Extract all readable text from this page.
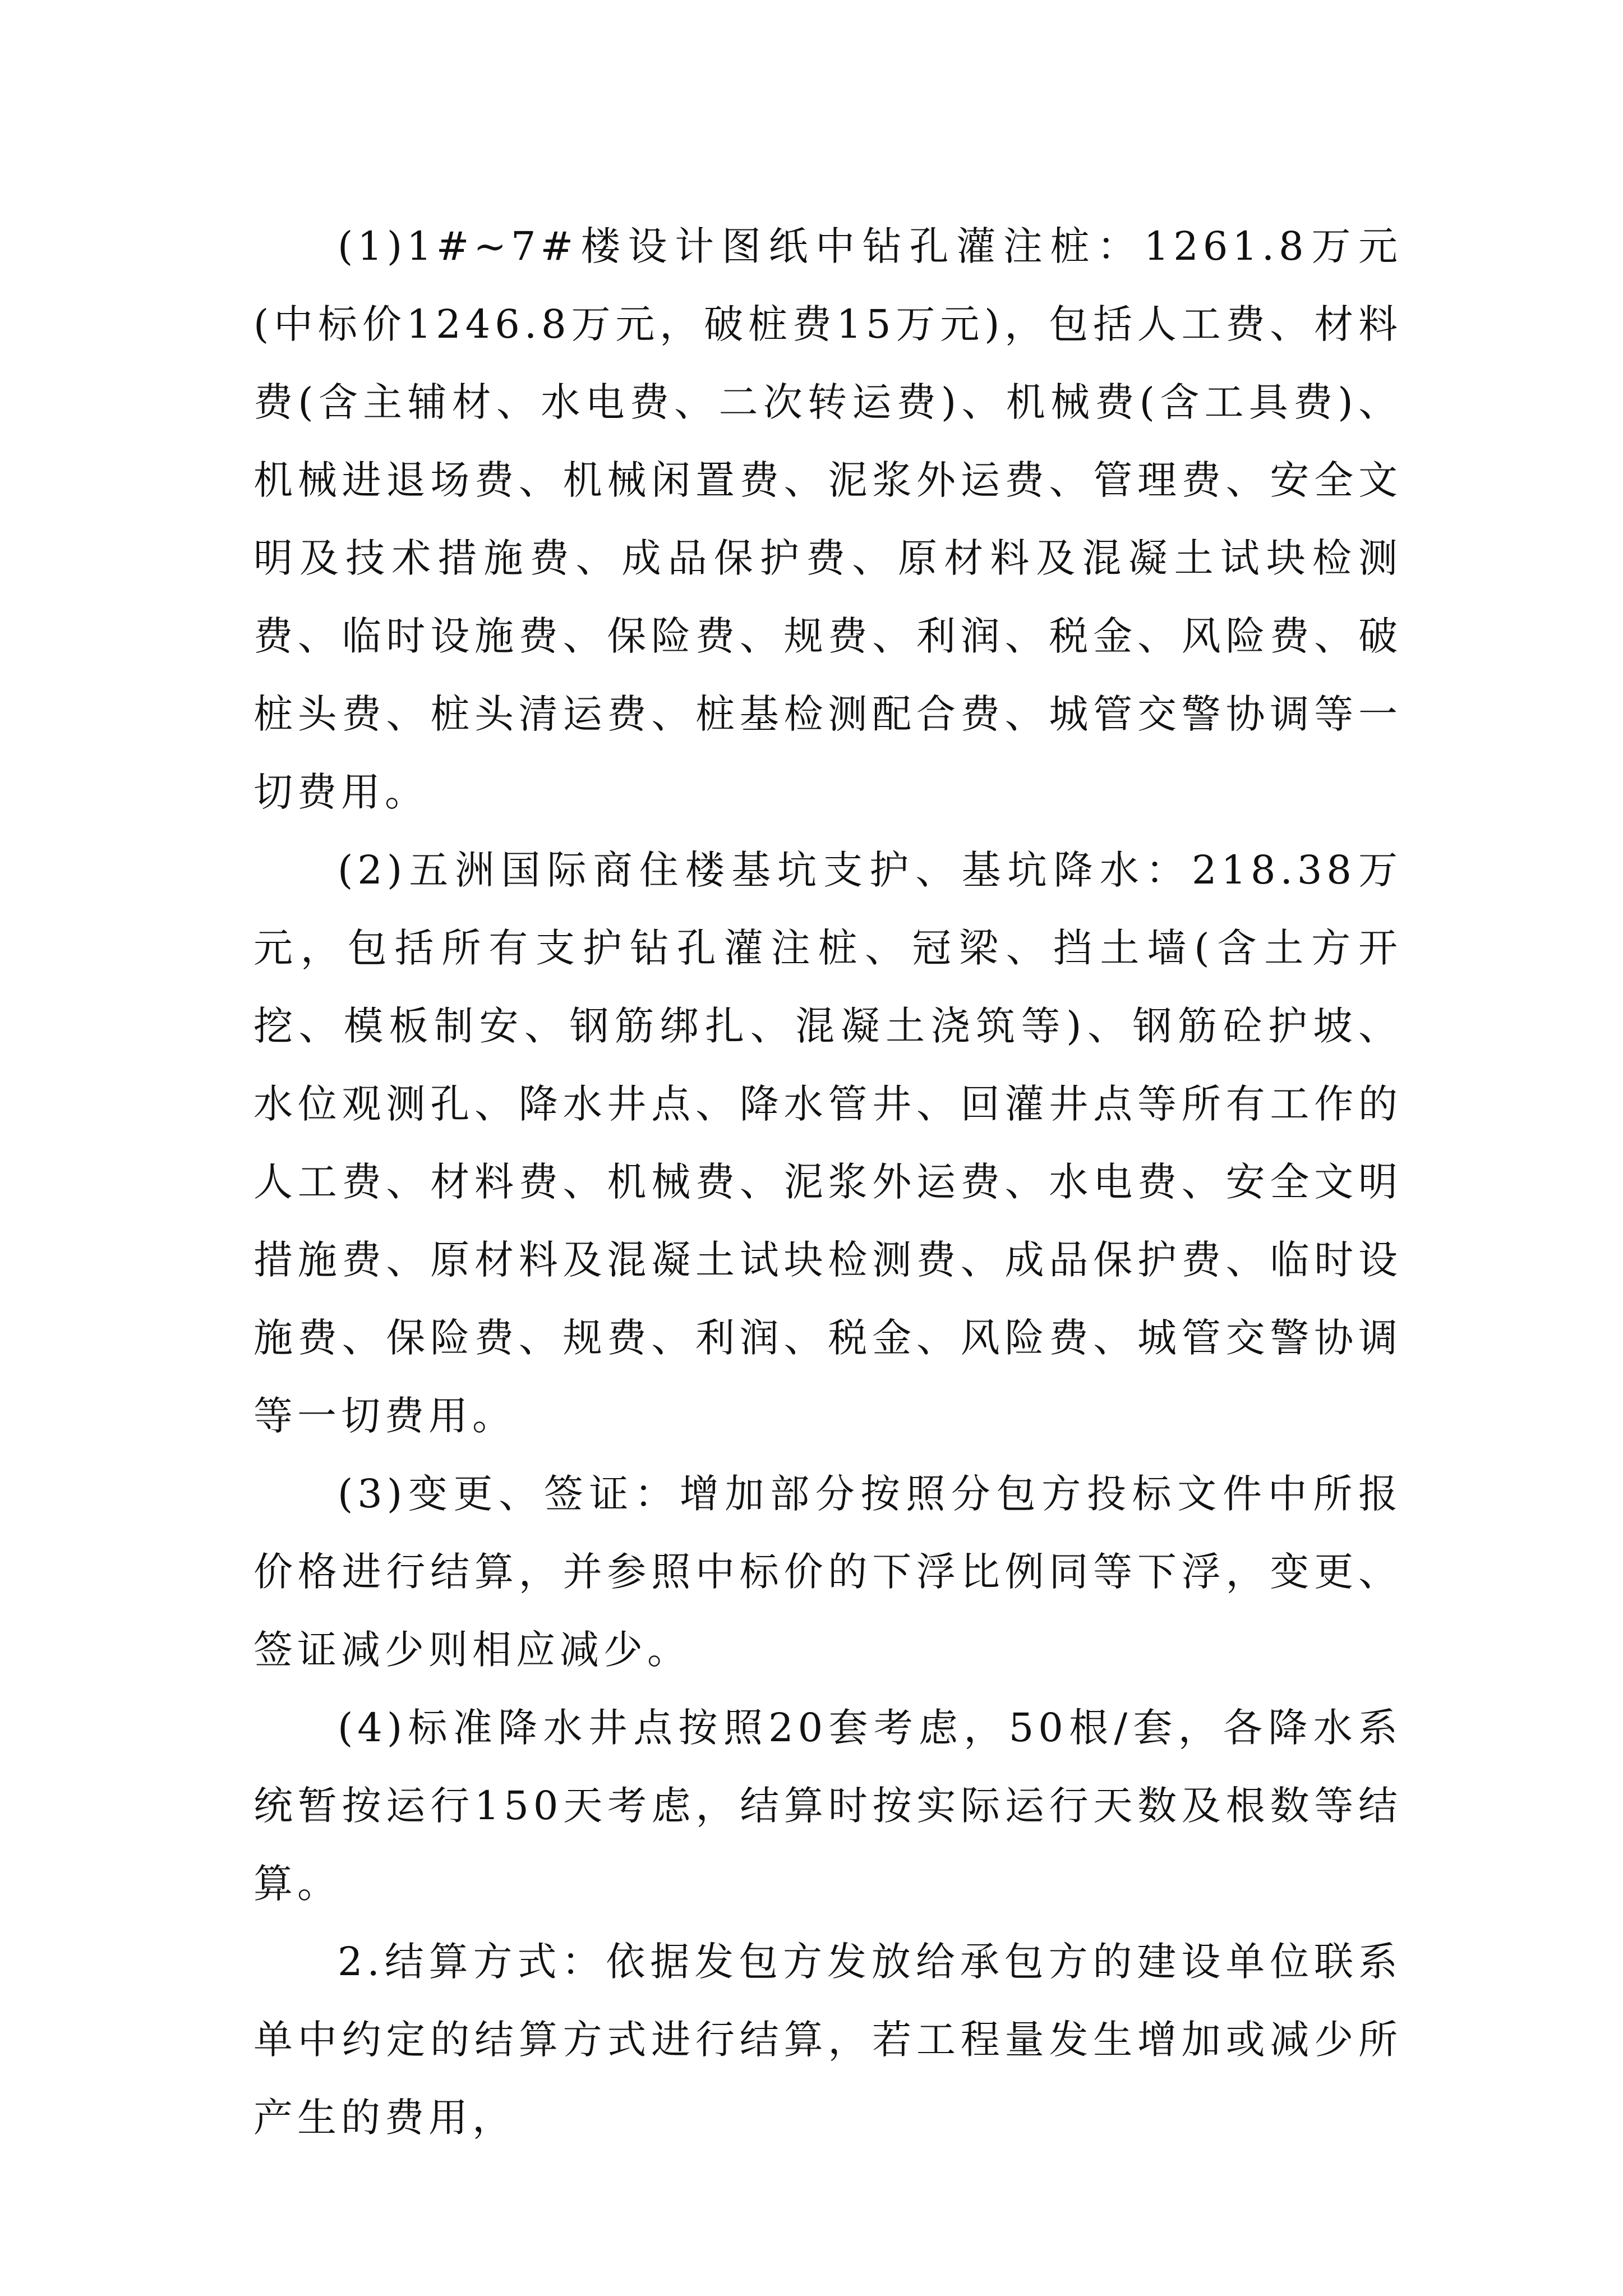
(1)1#~7#楼设计图纸中钻孔灌注桩：1261.8万元(中标价1246.8万元，破桩费15万元)，包括人工费、材料费(含主辅材、水电费、二次转运费)、机械费(含工具费)、机械进退场费、机械闲置费、泥浆外运费、管理费、安全文明及技术措施费、成品保护费、原材料及混凝土试块检测费、临时设施费、保险费、规费、利润、税金、风险费、破桩头费、桩头清运费、桩基检测配合费、城管交警协调等一切费用。

(2)五洲国际商住楼基坑支护、基坑降水：218.38万元，包括所有支护钻孔灌注桩、冠梁、挡土墙(含土方开挖、模板制安、钢筋绑扎、混凝土浇筑等)、钢筋砼护坡、水位观测孔、降水井点、降水管井、回灌井点等所有工作的人工费、材料费、机械费、泥浆外运费、水电费、安全文明措施费、原材料及混凝土试块检测费、成品保护费、临时设施费、保险费、规费、利润、税金、风险费、城管交警协调等一切费用。

(3)变更、签证：增加部分按照分包方投标文件中所报价格进行结算，并参照中标价的下浮比例同等下浮，变更、签证减少则相应减少。

(4)标准降水井点按照20套考虑，50根/套，各降水系统暂按运行150天考虑，结算时按实际运行天数及根数等结算。

2.结算方式：依据发包方发放给承包方的建设单位联系单中约定的结算方式进行结算，若工程量发生增加或减少所产生的费用，
